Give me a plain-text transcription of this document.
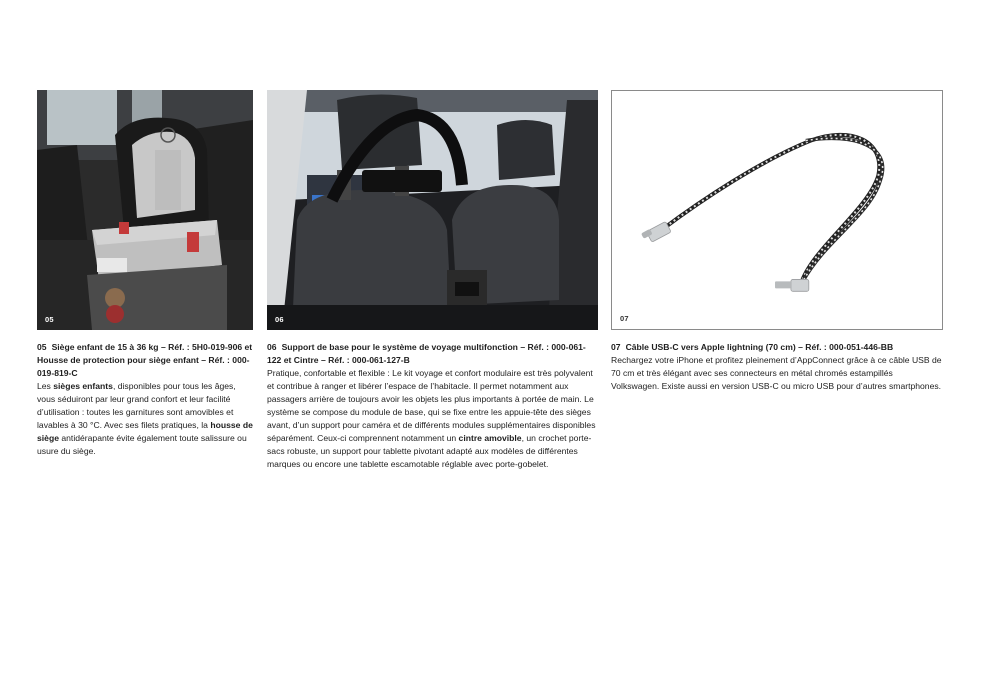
05	06	07
05 Siège enfant de 15 à 36 kg – Réf. : 5H0-019-906 et Housse de protection pour siège enfant – Réf. : 000-019-819-C
Les sièges enfants, disponibles pour tous les âges, vous séduiront par leur grand confort et leur facilité d’utilisation : toutes les garnitures sont amovibles et lavables à 30 °C. Avec ses filets pratiques, la housse de siège antidérapante évite également toute salissure ou usure du siège.
06 Support de base pour le système de voyage multifonction – Réf. : 000-061-122 et Cintre – Réf. : 000-061-127-B
Pratique, confortable et flexible : Le kit voyage et confort modulaire est très polyvalent et contribue à ranger et libérer l’espace de l’habitacle. Il permet notamment aux passagers arrière de toujours avoir les objets les plus importants à portée de main. Le système se compose du module de base, qui se fixe entre les appuie-tête des sièges avant, d’un support pour caméra et de différents modules supplémentaires disponibles séparément. Ceux-ci comprennent notamment un cintre amovible, un crochet porte-sacs robuste, un support pour tablette pivotant adapté aux modèles de différentes marques ou encore une tablette escamotable réglable avec porte-gobelet.
07 Câble USB-C vers Apple lightning (70 cm) – Réf. : 000-051-446-BB
Rechargez votre iPhone et profitez pleinement d’AppConnect grâce à ce câble USB de 70 cm et très élégant avec ses connecteurs en métal chromés estampillés Volkswagen. Existe aussi en version USB-C ou micro USB pour d’autres smartphones.
